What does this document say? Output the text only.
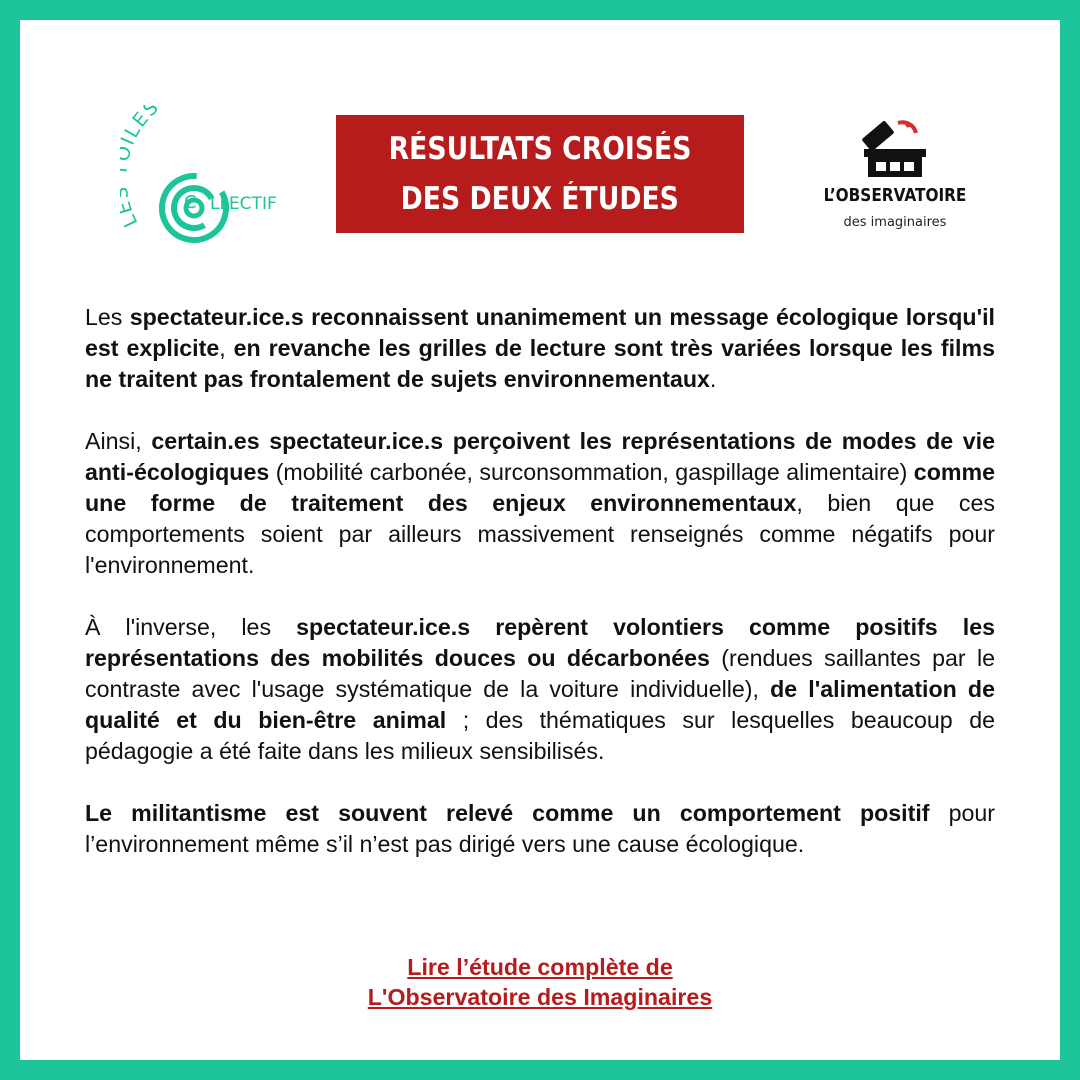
LES
C LLECTIF
RÉSULTATS CROISÉS
DES DEUX ÉTUDES	L’OBSERVATOIRE
des imaginaires

Les spectateur.ice.s reconnaissent unanimement un message écologique lorsqu'il est explicite, en revanche les grilles de lecture sont très variées lorsque les films ne traitent pas frontalement de sujets environnementaux.

Ainsi, certain.es spectateur.ice.s perçoivent les représentations de modes de vie anti-écologiques (mobilité carbonée, surconsommation, gaspillage alimentaire) comme une forme de traitement des enjeux environnementaux, bien que ces comportements soient par ailleurs massivement renseignés comme négatifs pour l'environnement.

À l'inverse, les spectateur.ice.s repèrent volontiers comme positifs les représentations des mobilités douces ou décarbonées (rendues saillantes par le contraste avec l'usage systématique de la voiture individuelle), de l'alimentation de qualité et du bien-être animal ; des thématiques sur lesquelles beaucoup de pédagogie a été faite dans les milieux sensibilisés.

Le militantisme est souvent relevé comme un comportement positif pour l’environnement même s’il n’est pas dirigé vers une cause écologique.

Lire l’étude complète de
L'Observatoire des Imaginaires
